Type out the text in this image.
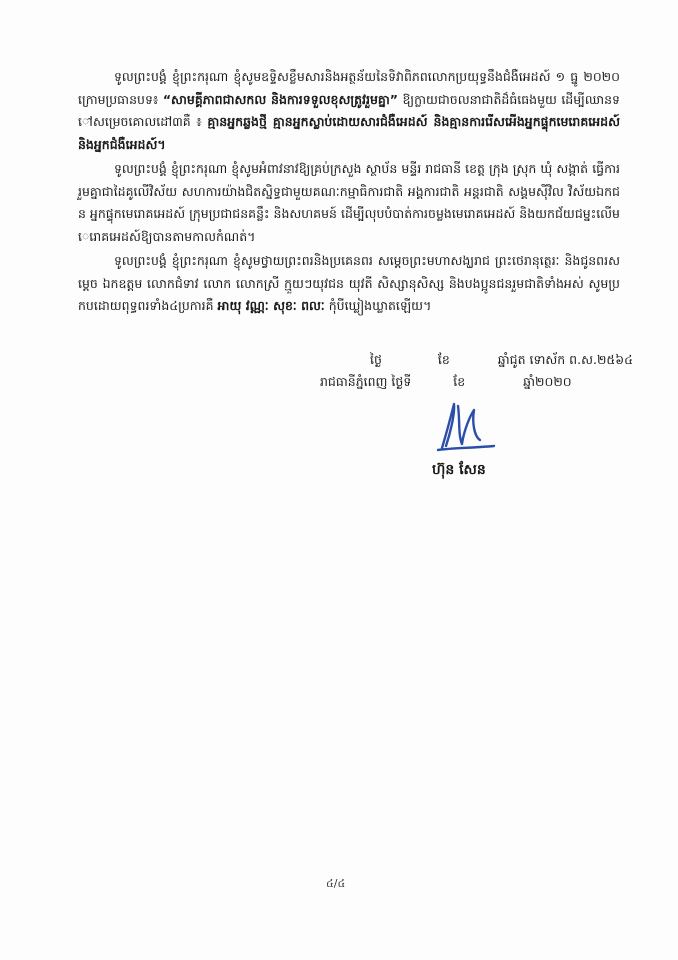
ទូលព្រះបង្គំ ខ្ញុំព្រះករុណា ខ្ញុំសូមឧទ្ទិសខ្លឹមសារនិងអត្ថន័យនៃទិវាពិភពលោកប្រយុទ្ធនឹងជំងឺអេដស៍ ១ ធ្នូ ២០២០ ក្រោមប្រធានបទ៖ “សាមគ្គីភាពជាសកល និងការទទួលខុសត្រូវរួមគ្នា” ឱ្យក្លាយជាចលនាជាតិដ៏ធំធេងមួយ ដើម្បីឈានទៅសម្រេចគោលដៅ៣គឺ ៖ គ្មានអ្នកឆ្លងថ្មី គ្មានអ្នកស្លាប់ដោយសារជំងឺអេដស៍ និងគ្មានការរើសអើងអ្នកផ្ទុកមេរោគអេដស៍និងអ្នកជំងឺអេដស៍។

ទូលព្រះបង្គំ ខ្ញុំព្រះករុណា ខ្ញុំសូមអំពាវនាវឱ្យគ្រប់ក្រសួង ស្ថាប័ន មន្ទីរ រាជធានី ខេត្ត ក្រុង ស្រុក ឃុំ សង្កាត់ ធ្វើការរួមគ្នាជាដៃគូលើវិស័យ សហការយ៉ាងជិតស្និទ្ធជាមួយគណៈកម្មាធិការជាតិ អង្គការជាតិ អន្តរជាតិ សង្គមស៊ីវិល វិស័យឯកជន អ្នកផ្ទុកមេរោគអេដស៍ ក្រុមប្រជាជនគន្លឹះ និងសហគមន៍ ដើម្បីលុបបំបាត់ការចម្លងមេរោគអេដស៍ និងយកជ័យជម្នះលើមេរោគអេដស៍ឱ្យបានតាមកាលកំណត់។

ទូលព្រះបង្គំ ខ្ញុំព្រះករុណា ខ្ញុំសូមថ្វាយព្រះពរនិងប្រគេនពរ សម្តេចព្រះមហាសង្ឃរាជ ព្រះថេរានុត្ថេរៈ និងជូនពរសម្តេច ឯកឧត្តម លោកជំទាវ លោក លោកស្រី ក្មួយៗយុវជន យុវតី សិស្សានុសិស្ស និងបងប្អូនជនរួមជាតិទាំងអស់ សូមប្រកបដោយពុទ្ធពរទាំង៤ប្រការគឺ អាយុ វណ្ណៈ សុខៈ ពលៈ កុំបីឃ្លៀងឃ្លាតឡើយ។

ថ្ងៃ	ខែ	ឆ្នាំជូត ទោស័ក ព.ស.២៥៦៤
រាជធានីភ្នំពេញ ថ្ងៃទី	ខែ	ឆ្នាំ២០២០
ហ៊ុន សែន
៤/៤
